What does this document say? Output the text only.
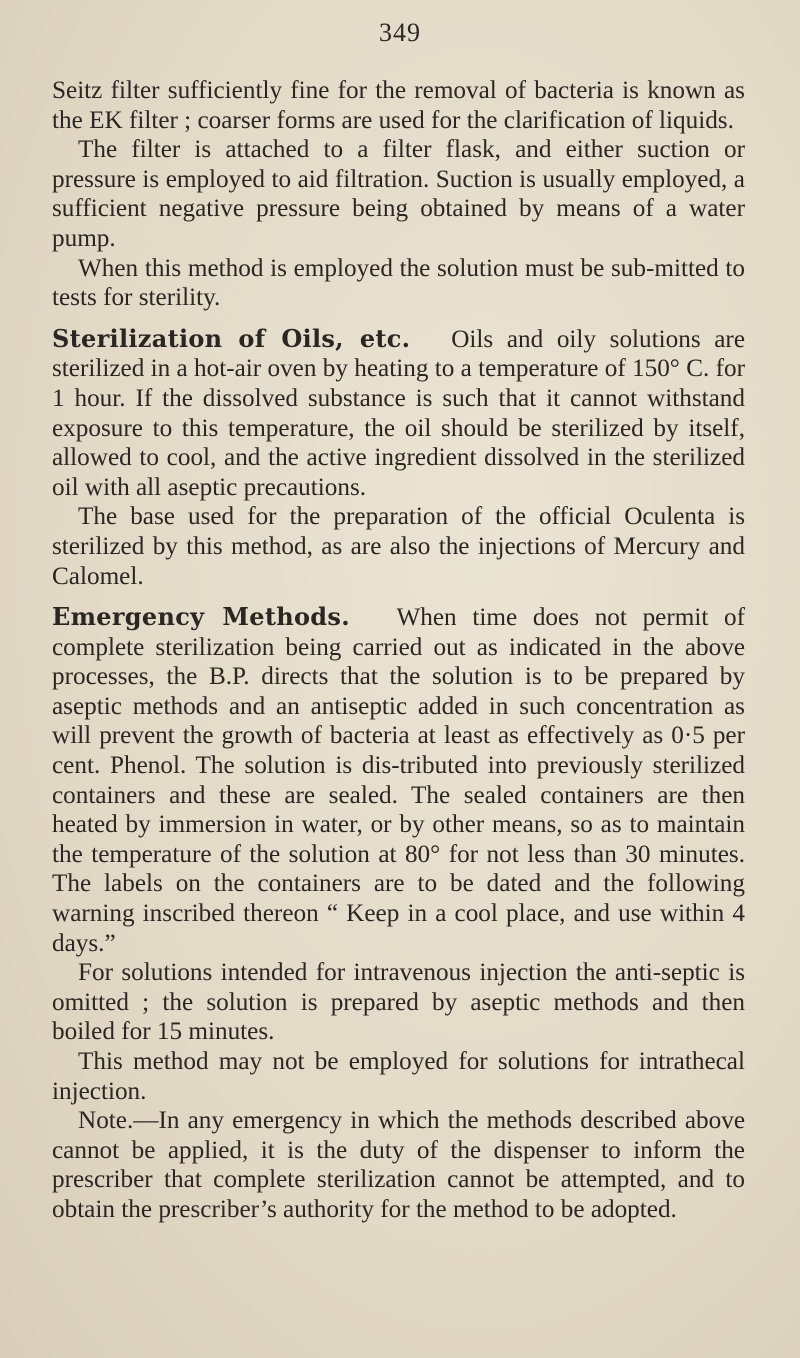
349

Seitz filter sufficiently fine for the removal of bacteria is known as the EK filter ; coarser forms are used for the clarification of liquids.

The filter is attached to a filter flask, and either suction or pressure is employed to aid filtration. Suction is usually employed, a sufficient negative pressure being obtained by means of a water pump.

When this method is employed the solution must be sub-mitted to tests for sterility.

Sterilization of Oils, etc. Oils and oily solutions are sterilized in a hot-air oven by heating to a temperature of 150° C. for 1 hour. If the dissolved substance is such that it cannot withstand exposure to this temperature, the oil should be sterilized by itself, allowed to cool, and the active ingredient dissolved in the sterilized oil with all aseptic precautions.

The base used for the preparation of the official Oculenta is sterilized by this method, as are also the injections of Mercury and Calomel.

Emergency Methods. When time does not permit of complete sterilization being carried out as indicated in the above processes, the B.P. directs that the solution is to be prepared by aseptic methods and an antiseptic added in such concentration as will prevent the growth of bacteria at least as effectively as 0·5 per cent. Phenol. The solution is dis-tributed into previously sterilized containers and these are sealed. The sealed containers are then heated by immersion in water, or by other means, so as to maintain the temperature of the solution at 80° for not less than 30 minutes. The labels on the containers are to be dated and the following warning inscribed thereon “ Keep in a cool place, and use within 4 days.”

For solutions intended for intravenous injection the anti-septic is omitted ; the solution is prepared by aseptic methods and then boiled for 15 minutes.

This method may not be employed for solutions for intrathecal injection.

Note.—In any emergency in which the methods described above cannot be applied, it is the duty of the dispenser to inform the prescriber that complete sterilization cannot be attempted, and to obtain the prescriber’s authority for the method to be adopted.
